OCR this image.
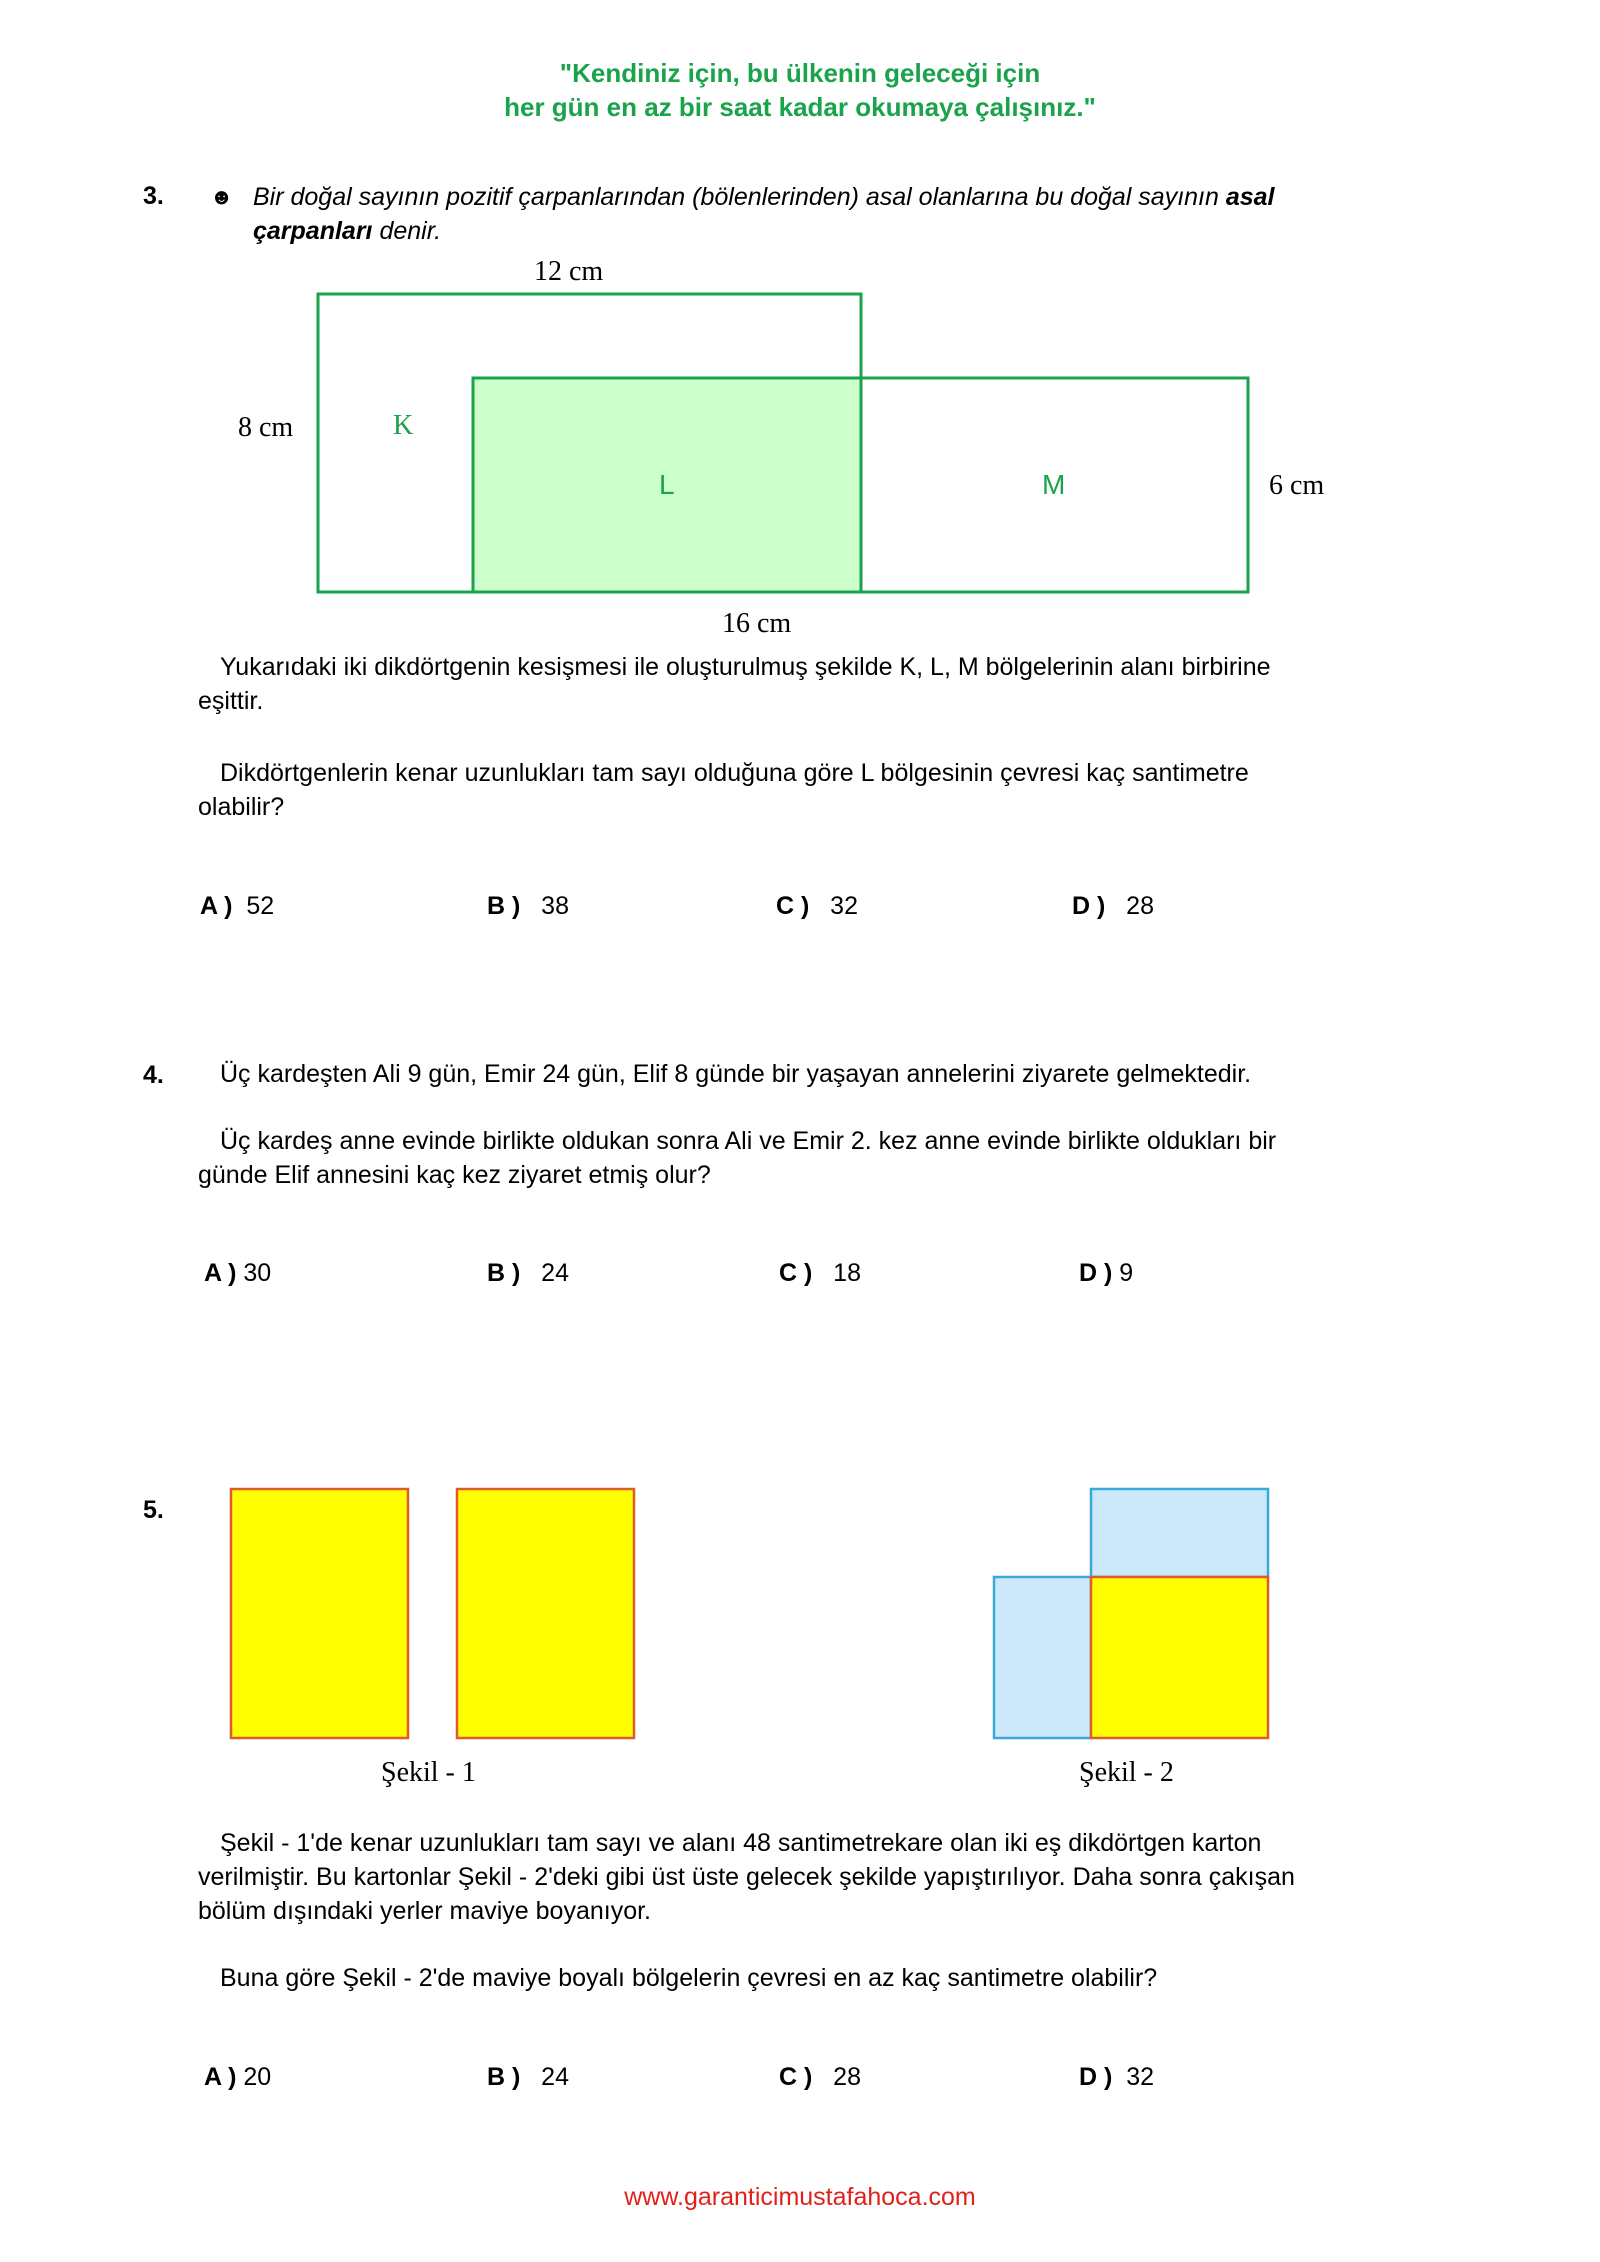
"Kendiniz için, bu ülkenin geleceği için
her gün en az bir saat kadar okumaya çalışınız."
3. ☻ Bir doğal sayının pozitif çarpanlarından (bölenlerinden) asal olanlarına bu doğal sayının asal
çarpanları denir.
12 cm
8 cm	K
L	M	6 cm
16 cm
Yukarıdaki iki dikdörtgenin kesişmesi ile oluşturulmuş şekilde K, L, M bölgelerinin alanı birbirine
eşittir.
Dikdörtgenlerin kenar uzunlukları tam sayı olduğuna göre L bölgesinin çevresi kaç santimetre
olabilir?
A ) 52	B ) 38	C ) 32	D ) 28
4. Üç kardeşten Ali 9 gün, Emir 24 gün, Elif 8 günde bir yaşayan annelerini ziyarete gelmektedir.
Üç kardeş anne evinde birlikte oldukan sonra Ali ve Emir 2. kez anne evinde birlikte oldukları bir
günde Elif annesini kaç kez ziyaret etmiş olur?
A ) 30	B ) 24	C ) 18	D ) 9
5.
Şekil - 1	Şekil - 2
Şekil - 1'de kenar uzunlukları tam sayı ve alanı 48 santimetrekare olan iki eş dikdörtgen karton
verilmiştir. Bu kartonlar Şekil - 2'deki gibi üst üste gelecek şekilde yapıştırılıyor. Daha sonra çakışan
bölüm dışındaki yerler maviye boyanıyor.
Buna göre Şekil - 2'de maviye boyalı bölgelerin çevresi en az kaç santimetre olabilir?
A ) 20	B ) 24	C ) 28	D ) 32
www.garanticimustafahoca.com
